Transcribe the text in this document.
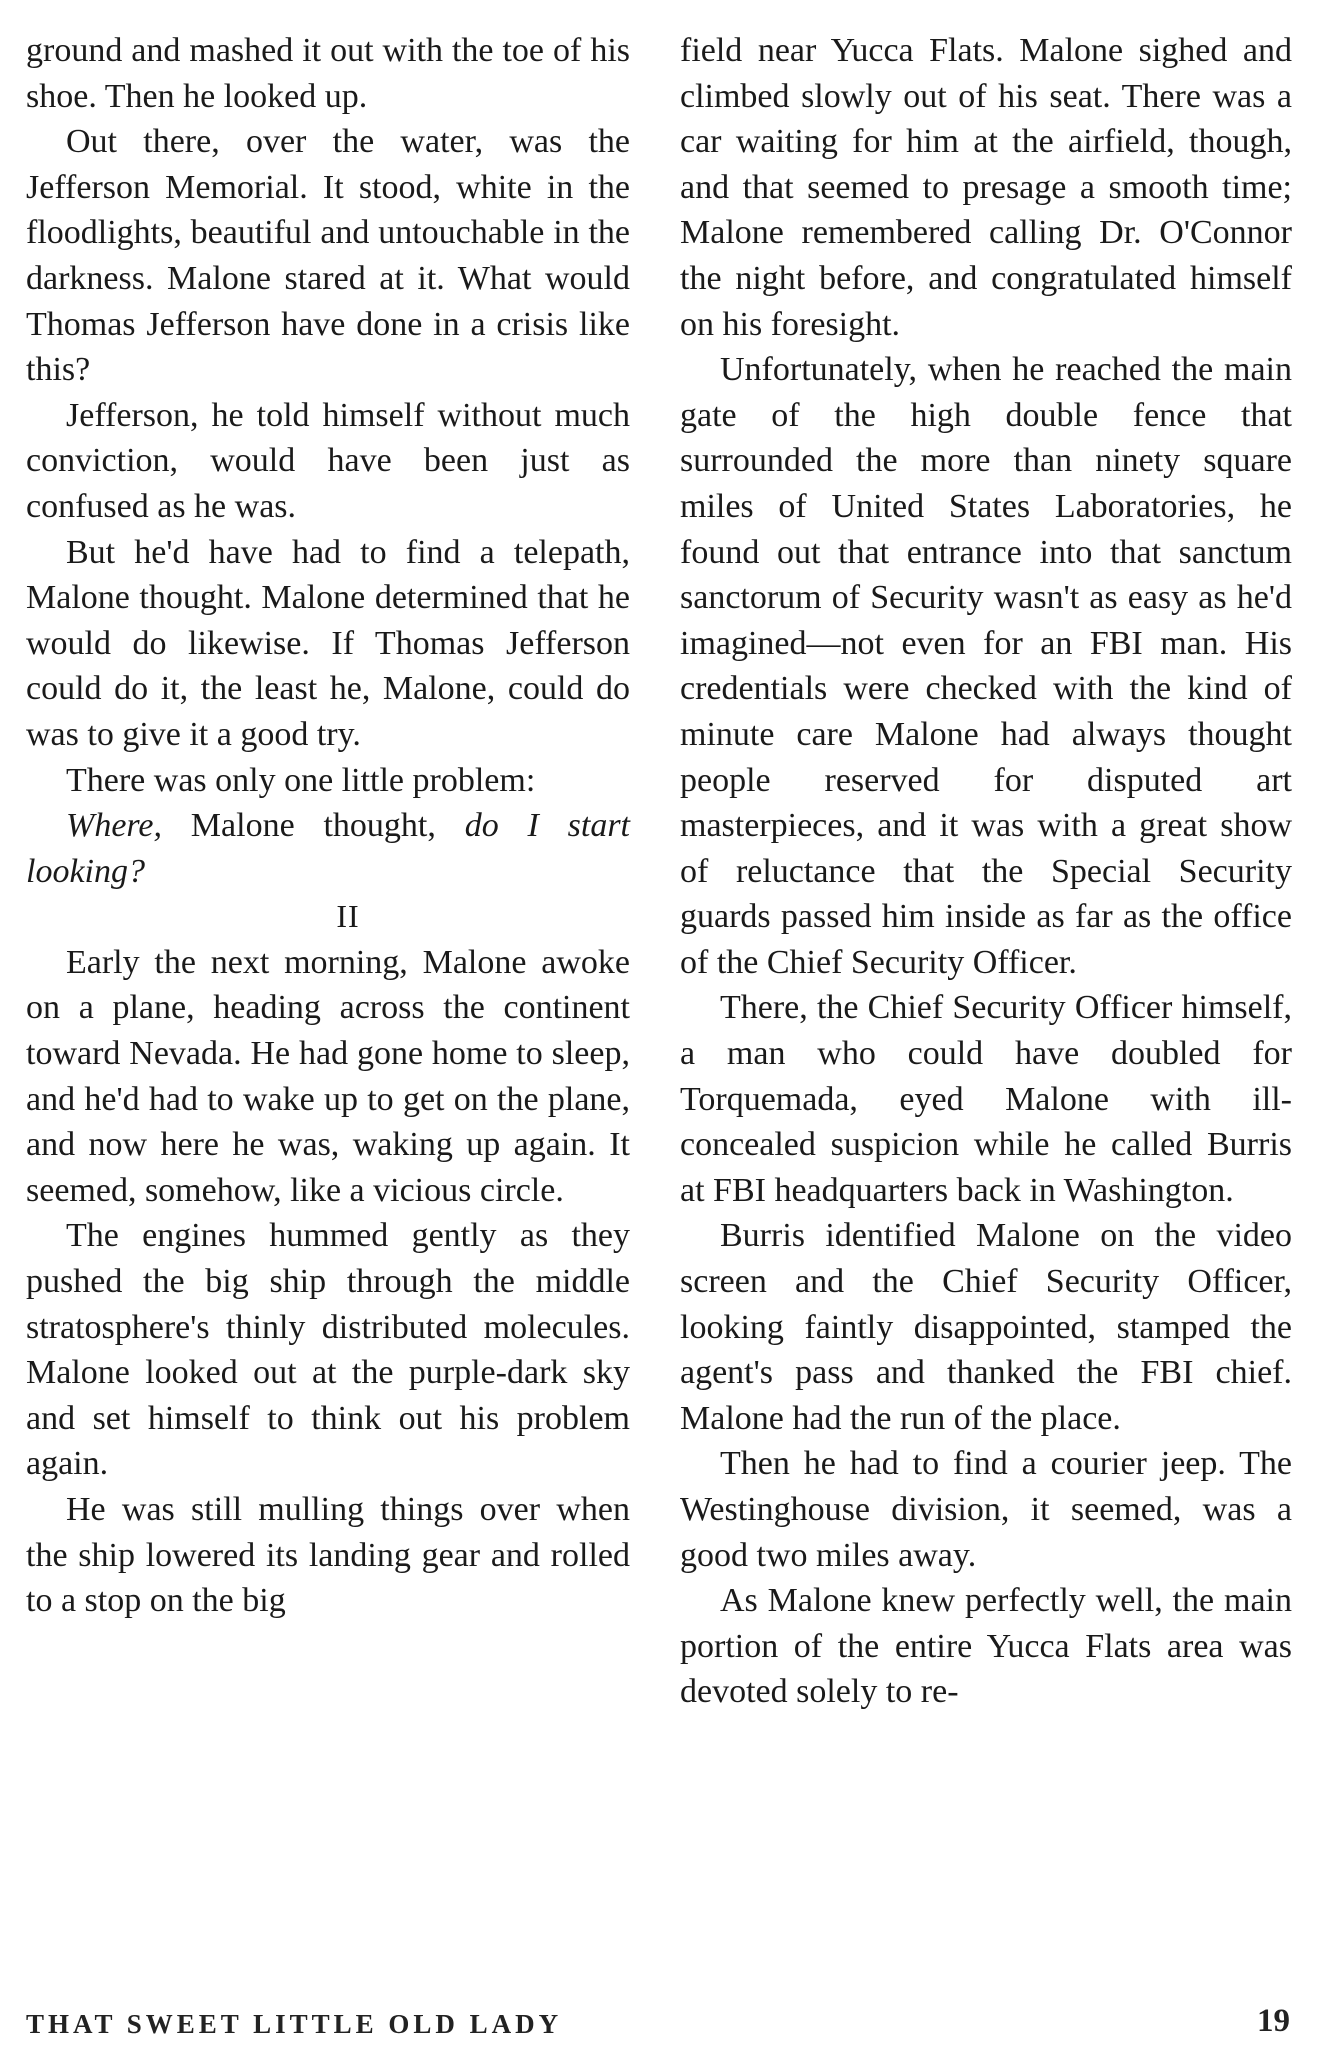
ground and mashed it out with the toe of his shoe. Then he looked up.

Out there, over the water, was the Jefferson Memorial. It stood, white in the floodlights, beautiful and untouchable in the darkness. Malone stared at it. What would Thomas Jefferson have done in a crisis like this?

Jefferson, he told himself without much conviction, would have been just as confused as he was.

But he'd have had to find a telepath, Malone thought. Malone determined that he would do likewise. If Thomas Jefferson could do it, the least he, Malone, could do was to give it a good try.

There was only one little problem:

Where, Malone thought, do I start looking?

II

Early the next morning, Malone awoke on a plane, heading across the continent toward Nevada. He had gone home to sleep, and he'd had to wake up to get on the plane, and now here he was, waking up again. It seemed, somehow, like a vicious circle.

The engines hummed gently as they pushed the big ship through the middle stratosphere's thinly distributed molecules. Malone looked out at the purple-dark sky and set himself to think out his problem again.

He was still mulling things over when the ship lowered its landing gear and rolled to a stop on the big

field near Yucca Flats. Malone sighed and climbed slowly out of his seat. There was a car waiting for him at the airfield, though, and that seemed to presage a smooth time; Malone remembered calling Dr. O'Connor the night before, and congratulated himself on his foresight.

Unfortunately, when he reached the main gate of the high double fence that surrounded the more than ninety square miles of United States Laboratories, he found out that entrance into that sanctum sanctorum of Security wasn't as easy as he'd imagined—not even for an FBI man. His credentials were checked with the kind of minute care Malone had always thought people reserved for disputed art masterpieces, and it was with a great show of reluctance that the Special Security guards passed him inside as far as the office of the Chief Security Officer.

There, the Chief Security Officer himself, a man who could have doubled for Torquemada, eyed Malone with ill-concealed suspicion while he called Burris at FBI headquarters back in Washington.

Burris identified Malone on the video screen and the Chief Security Officer, looking faintly disappointed, stamped the agent's pass and thanked the FBI chief. Malone had the run of the place.

Then he had to find a courier jeep. The Westinghouse division, it seemed, was a good two miles away.

As Malone knew perfectly well, the main portion of the entire Yucca Flats area was devoted solely to re-

THAT SWEET LITTLE OLD LADY	19
